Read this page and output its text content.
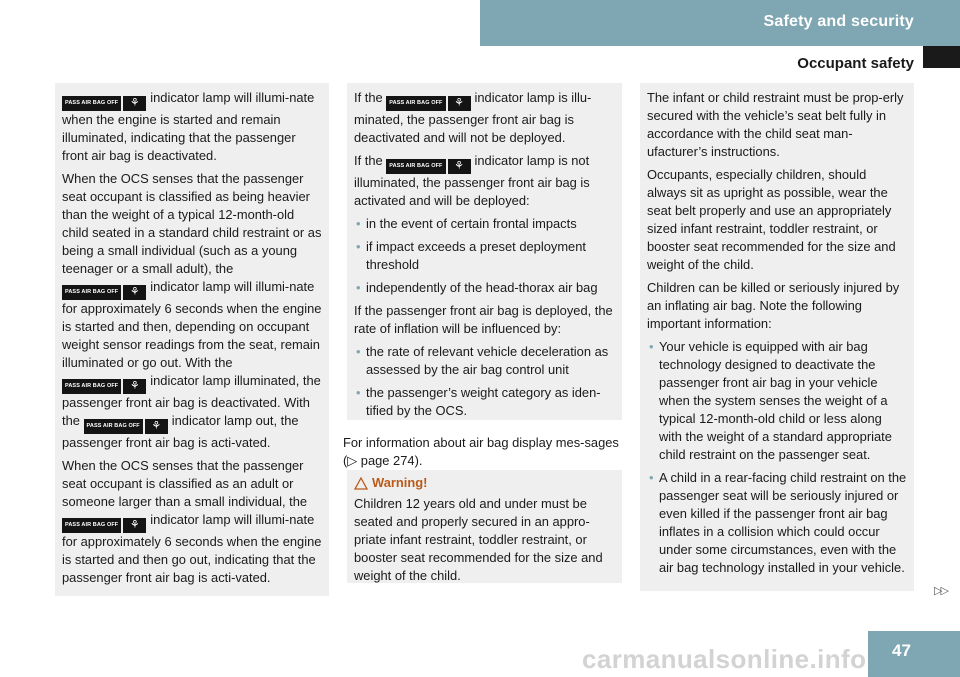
Safety and security
Occupant safety

PASS AIR BAG OFF	⚘ indicator lamp will illumi-nate when the engine is started and remain illuminated, indicating that the passenger front air bag is deactivated.

When the OCS senses that the passenger seat occupant is classified as being heavier than the weight of a typical 12-month-old child seated in a standard child restraint or as being a small individual (such as a young teenager or a small adult), the
PASS AIR BAG OFF	⚘ indicator lamp will illumi-nate for approximately 6 seconds when the engine is started and then, depending on occupant weight sensor readings from the seat, remain illuminated or go out. With the
PASS AIR BAG OFF	⚘ indicator lamp illuminated, the passenger front air bag is deactivated. With the	PASS AIR BAG OFF	⚘ indicator lamp out, the passenger front air bag is acti-vated.

When the OCS senses that the passenger seat occupant is classified as an adult or someone larger than a small individual, the
PASS AIR BAG OFF	⚘ indicator lamp will illumi-nate for approximately 6 seconds when the engine is started and then go out, indicating that the passenger front air bag is acti-vated.

If the	PASS AIR BAG OFF	⚘ indicator lamp is illu-minated, the passenger front air bag is deactivated and will not be deployed.

If the	PASS AIR BAG OFF	⚘ indicator lamp is not illuminated, the passenger front air bag is activated and will be deployed:

• in the event of certain frontal impacts
• if impact exceeds a preset deployment threshold
• independently of the head-thorax air bag

If the passenger front air bag is deployed, the rate of inflation will be influenced by:

• the rate of relevant vehicle deceleration as assessed by the air bag control unit
• the passenger’s weight category as iden-tified by the OCS.

For information about air bag display mes-sages (▷ page 274).

Warning!
Children 12 years old and under must be seated and properly secured in an appro-priate infant restraint, toddler restraint, or booster seat recommended for the size and weight of the child.

The infant or child restraint must be prop-erly secured with the vehicle’s seat belt fully in accordance with the child seat man-ufacturer’s instructions.

Occupants, especially children, should always sit as upright as possible, wear the seat belt properly and use an appropriately sized infant restraint, toddler restraint, or booster seat recommended for the size and weight of the child.

Children can be killed or seriously injured by an inflating air bag. Note the following important information:

• Your vehicle is equipped with air bag technology designed to deactivate the passenger front air bag in your vehicle when the system senses the weight of a typical 12-month-old child or less along with the weight of a standard appropriate child restraint on the passenger seat.
• A child in a rear-facing child restraint on the passenger seat will be seriously injured or even killed if the passenger front air bag inflates in a collision which could occur under some circumstances, even with the air bag technology installed in your vehicle.
▷▷
47
carmanualsonline.info
